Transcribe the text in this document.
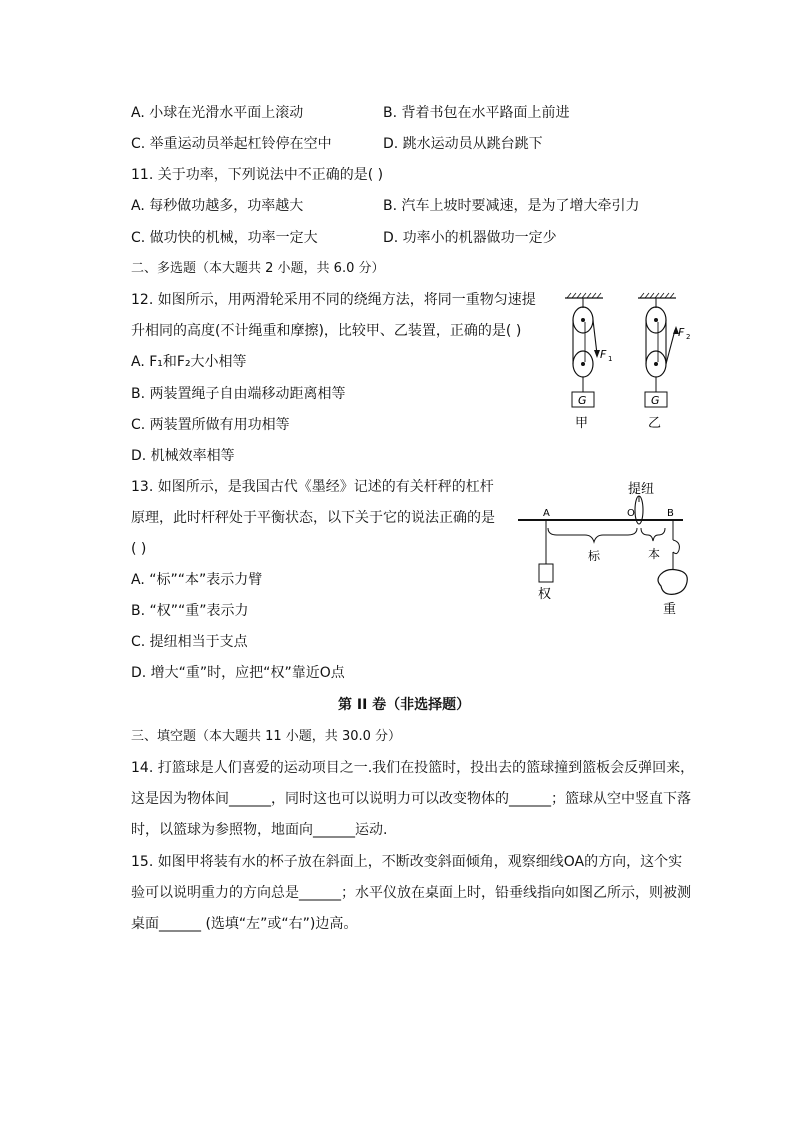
A. 小球在光滑水平面上滚动	B. 背着书包在水平路面上前进
C. 举重运动员举起杠铃停在空中	D. 跳水运动员从跳台跳下
11. 关于功率，下列说法中不正确的是( )
A. 每秒做功越多，功率越大	B. 汽车上坡时要减速，是为了增大牵引力
C. 做功快的机械，功率一定大	D. 功率小的机器做功一定少
二、多选题（本大题共 2 小题，共 6.0 分）
12. 如图所示，用两滑轮采用不同的绕绳方法，将同一重物匀速提
升相同的高度(不计绳重和摩擦)，比较甲、乙装置，正确的是( )
A. F₁和F₂大小相等
B. 两装置绳子自由端移动距离相等
C. 两装置所做有用功相等
D. 机械效率相等
F 1
G
甲
F 2
G
乙
13. 如图所示，是我国古代《墨经》记述的有关杆秤的杠杆
原理，此时杆秤处于平衡状态，以下关于它的说法正确的是
( )
A. “标”“本”表示力臂
B. “权”“重”表示力
C. 提纽相当于支点
D. 增大“重”时，应把“权”靠近O点
提纽
A	O	B
权
标	本
重
第 II 卷（非选择题）
三、填空题（本大题共 11 小题，共 30.0 分）
14. 打篮球是人们喜爱的运动项目之一.我们在投篮时，投出去的篮球撞到篮板会反弹回来，
这是因为物体间______，同时这也可以说明力可以改变物体的______；篮球从空中竖直下落
时，以篮球为参照物，地面向______运动.
15. 如图甲将装有水的杯子放在斜面上，不断改变斜面倾角，观察细线OA的方向，这个实
验可以说明重力的方向总是______；水平仪放在桌面上时，铅垂线指向如图乙所示，则被测
桌面______ (选填“左”或“右”)边高。
